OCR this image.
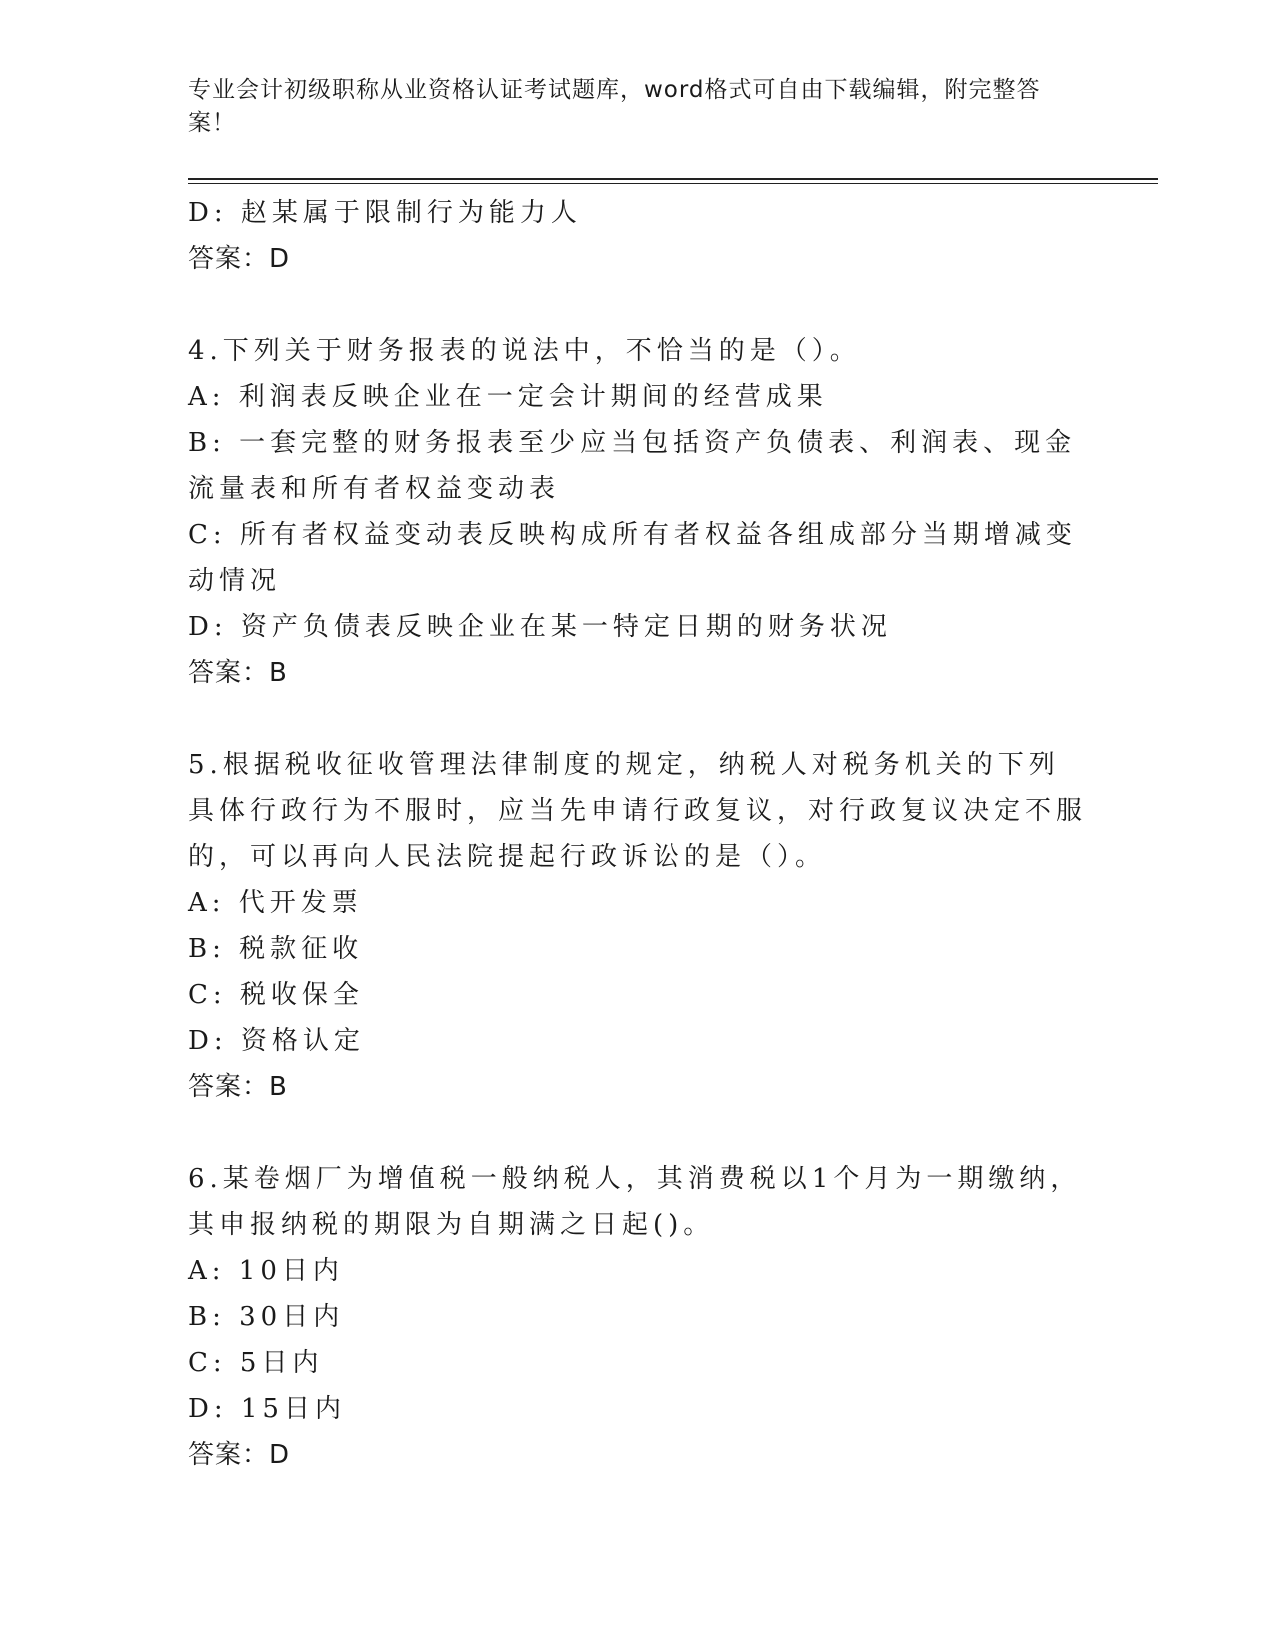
专业会计初级职称从业资格认证考试题库，word格式可自由下载编辑，附完整答案！
D: 赵某属于限制行为能力人
答案：D
4.下列关于财务报表的说法中，不恰当的是（）。
A: 利润表反映企业在一定会计期间的经营成果
B: 一套完整的财务报表至少应当包括资产负债表、利润表、现金流量表和所有者权益变动表
C: 所有者权益变动表反映构成所有者权益各组成部分当期增减变动情况
D: 资产负债表反映企业在某一特定日期的财务状况
答案：B
5.根据税收征收管理法律制度的规定，纳税人对税务机关的下列具体行政行为不服时，应当先申请行政复议，对行政复议决定不服的，可以再向人民法院提起行政诉讼的是（）。
A: 代开发票
B: 税款征收
C: 税收保全
D: 资格认定
答案：B
6.某卷烟厂为增值税一般纳税人，其消费税以1个月为一期缴纳，其申报纳税的期限为自期满之日起()。
A: 10日内
B: 30日内
C: 5日内
D: 15日内
答案：D
